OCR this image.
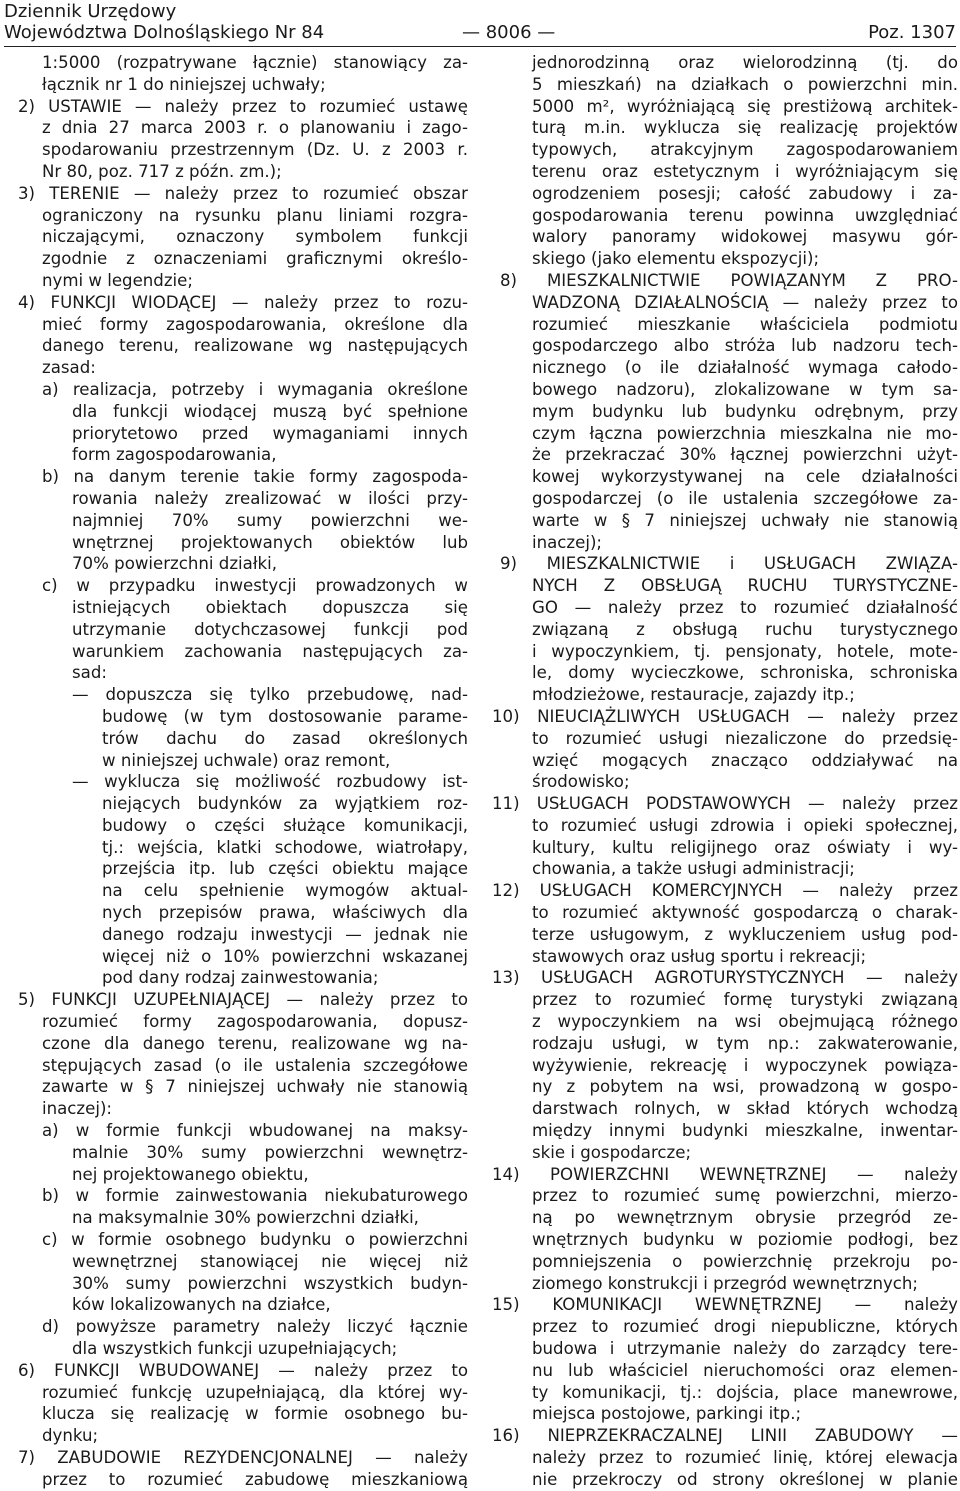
Dziennik Urzędowy
Województwa Dolnośląskiego Nr 84	— 8006 —	Poz. 1307
1:5000 (rozpatrywane łącznie) stanowiący za-
łącznik nr 1 do niniejszej uchwały;
2) USTAWIE — należy przez to rozumieć ustawę
z dnia 27 marca 2003 r. o planowaniu i zago-
spodarowaniu przestrzennym (Dz. U. z 2003 r.
Nr 80, poz. 717 z późn. zm.);
3) TERENIE — należy przez to rozumieć obszar
ograniczony na rysunku planu liniami rozgra-
niczającymi, oznaczony symbolem funkcji
zgodnie z oznaczeniami graficznymi określo-
nymi w legendzie;
4) FUNKCJI WIODĄCEJ — należy przez to rozu-
mieć formy zagospodarowania, określone dla
danego terenu, realizowane wg następujących
zasad:
a) realizacja, potrzeby i wymagania określone
dla funkcji wiodącej muszą być spełnione
priorytetowo przed wymaganiami innych
form zagospodarowania,
b) na danym terenie takie formy zagospoda-
rowania należy zrealizować w ilości przy-
najmniej 70% sumy powierzchni we-
wnętrznej projektowanych obiektów lub
70% powierzchni działki,
c) w przypadku inwestycji prowadzonych w
istniejących obiektach dopuszcza się
utrzymanie dotychczasowej funkcji pod
warunkiem zachowania następujących za-
sad:
— dopuszcza się tylko przebudowę, nad-
budowę (w tym dostosowanie parame-
trów dachu do zasad określonych
w niniejszej uchwale) oraz remont,
— wyklucza się możliwość rozbudowy ist-
niejących budynków za wyjątkiem roz-
budowy o części służące komunikacji,
tj.: wejścia, klatki schodowe, wiatrołapy,
przejścia itp. lub części obiektu mające
na celu spełnienie wymogów aktual-
nych przepisów prawa, właściwych dla
danego rodzaju inwestycji — jednak nie
więcej niż o 10% powierzchni wskazanej
pod dany rodzaj zainwestowania;
5) FUNKCJI UZUPEŁNIAJĄCEJ — należy przez to
rozumieć formy zagospodarowania, dopusz-
czone dla danego terenu, realizowane wg na-
stępujących zasad (o ile ustalenia szczegółowe
zawarte w § 7 niniejszej uchwały nie stanowią
inaczej):
a) w formie funkcji wbudowanej na maksy-
malnie 30% sumy powierzchni wewnętrz-
nej projektowanego obiektu,
b) w formie zainwestowania niekubaturowego
na maksymalnie 30% powierzchni działki,
c) w formie osobnego budynku o powierzchni
wewnętrznej stanowiącej nie więcej niż
30% sumy powierzchni wszystkich budyn-
ków lokalizowanych na działce,
d) powyższe parametry należy liczyć łącznie
dla wszystkich funkcji uzupełniających;
6) FUNKCJI WBUDOWANEJ — należy przez to
rozumieć funkcję uzupełniającą, dla której wy-
klucza się realizację w formie osobnego bu-
dynku;
7) ZABUDOWIE REZYDENCJONALNEJ — należy
przez to rozumieć zabudowę mieszkaniową
jednorodzinną oraz wielorodzinną (tj. do
5 mieszkań) na działkach o powierzchni min.
5000 m², wyróżniającą się prestiżową architek-
turą m.in. wyklucza się realizację projektów
typowych, atrakcyjnym zagospodarowaniem
terenu oraz estetycznym i wyróżniającym się
ogrodzeniem posesji; całość zabudowy i za-
gospodarowania terenu powinna uwzględniać
walory panoramy widokowej masywu gór-
skiego (jako elementu ekspozycji);
8) MIESZKALNICTWIE POWIĄZANYM Z PRO-
WADZONĄ DZIAŁALNOŚCIĄ — należy przez to
rozumieć mieszkanie właściciela podmiotu
gospodarczego albo stróża lub nadzoru tech-
nicznego (o ile działalność wymaga całodo-
bowego nadzoru), zlokalizowane w tym sa-
mym budynku lub budynku odrębnym, przy
czym łączna powierzchnia mieszkalna nie mo-
że przekraczać 30% łącznej powierzchni użyt-
kowej wykorzystywanej na cele działalności
gospodarczej (o ile ustalenia szczegółowe za-
warte w § 7 niniejszej uchwały nie stanowią
inaczej);
9) MIESZKALNICTWIE i USŁUGACH ZWIĄZA-
NYCH Z OBSŁUGĄ RUCHU TURYSTYCZNE-
GO — należy przez to rozumieć działalność
związaną z obsługą ruchu turystycznego
i wypoczynkiem, tj. pensjonaty, hotele, mote-
le, domy wycieczkowe, schroniska, schroniska
młodzieżowe, restauracje, zajazdy itp.;
10) NIEUCIĄŻLIWYCH USŁUGACH — należy przez
to rozumieć usługi niezaliczone do przedsię-
wzięć mogących znacząco oddziaływać na
środowisko;
11) USŁUGACH PODSTAWOWYCH — należy przez
to rozumieć usługi zdrowia i opieki społecznej,
kultury, kultu religijnego oraz oświaty i wy-
chowania, a także usługi administracji;
12) USŁUGACH KOMERCYJNYCH — należy przez
to rozumieć aktywność gospodarczą o charak-
terze usługowym, z wykluczeniem usług pod-
stawowych oraz usług sportu i rekreacji;
13) USŁUGACH AGROTURYSTYCZNYCH — należy
przez to rozumieć formę turystyki związaną
z wypoczynkiem na wsi obejmującą różnego
rodzaju usługi, w tym np.: zakwaterowanie,
wyżywienie, rekreację i wypoczynek powiąza-
ny z pobytem na wsi, prowadzoną w gospo-
darstwach rolnych, w skład których wchodzą
między innymi budynki mieszkalne, inwentar-
skie i gospodarcze;
14) POWIERZCHNI WEWNĘTRZNEJ — należy
przez to rozumieć sumę powierzchni, mierzo-
ną po wewnętrznym obrysie przegród ze-
wnętrznych budynku w poziomie podłogi, bez
pomniejszenia o powierzchnię przekroju po-
ziomego konstrukcji i przegród wewnętrznych;
15) KOMUNIKACJI WEWNĘTRZNEJ — należy
przez to rozumieć drogi niepubliczne, których
budowa i utrzymanie należy do zarządcy tere-
nu lub właściciel nieruchomości oraz elemen-
ty komunikacji, tj.: dojścia, place manewrowe,
miejsca postojowe, parkingi itp.;
16) NIEPRZEKRACZALNEJ LINII ZABUDOWY —
należy przez to rozumieć linię, której elewacja
nie przekroczy od strony określonej w planie
